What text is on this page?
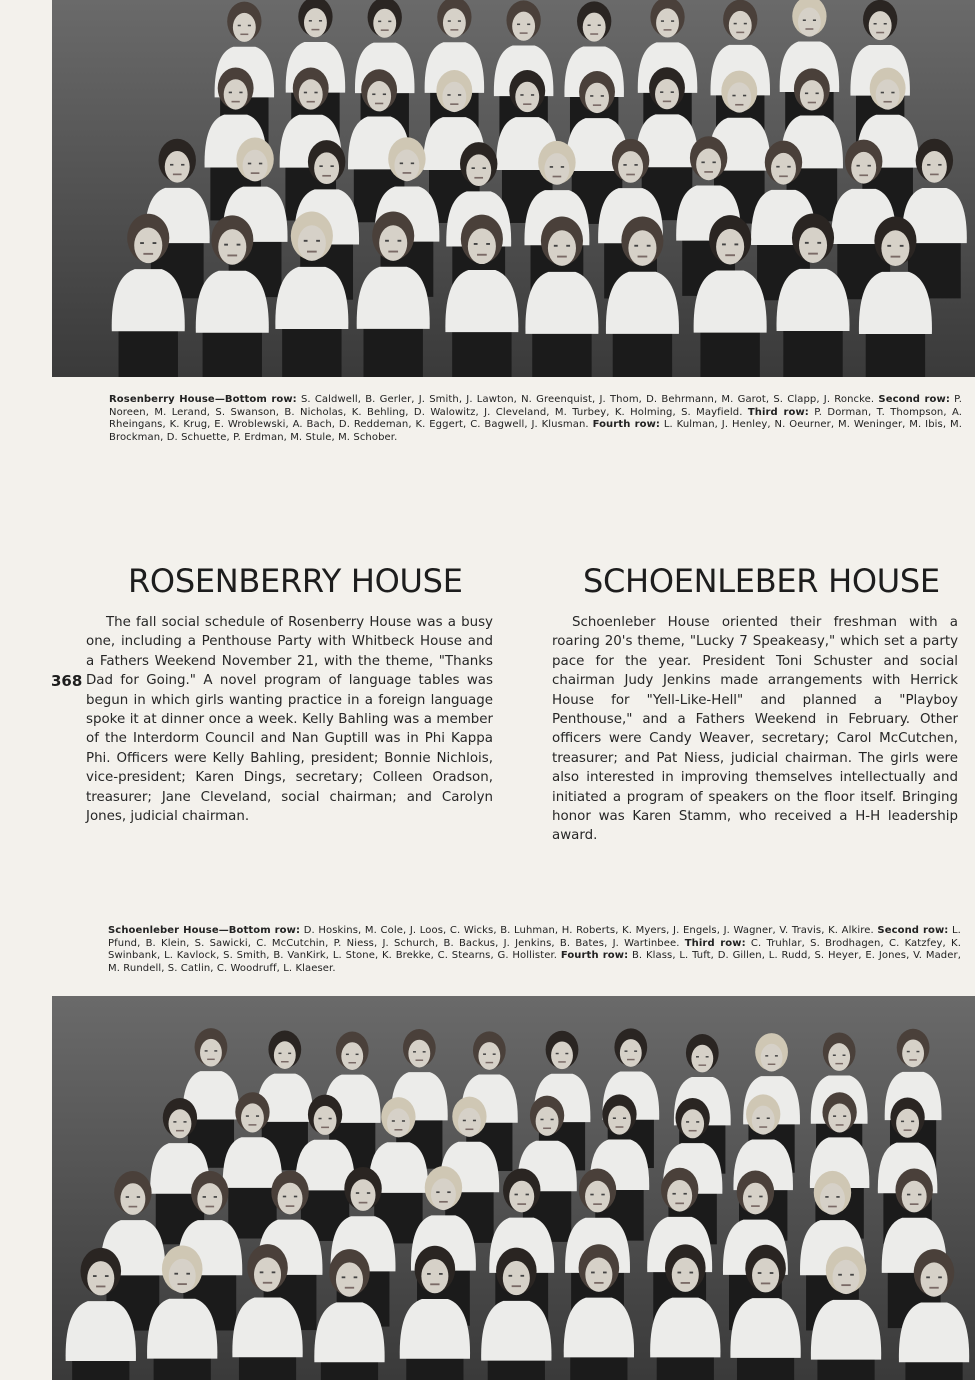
Rosenberry House—Bottom row: S. Caldwell, B. Gerler, J. Smith, J. Lawton, N. Greenquist, J. Thom, D. Behrmann, M. Garot, S. Clapp, J. Roncke. Second row: P. Noreen, M. Lerand, S. Swanson, B. Nicholas, K. Behling, D. Walowitz, J. Cleveland, M. Turbey, K. Holming, S. Mayfield. Third row: P. Dorman, T. Thompson, A. Rheingans, K. Krug, E. Wroblewski, A. Bach, D. Reddeman, K. Eggert, C. Bagwell, J. Klusman. Fourth row: L. Kulman, J. Henley, N. Oeurner, M. Weninger, M. Ibis, M. Brockman, D. Schuette, P. Erdman, M. Stule, M. Schober.
ROSENBERRY HOUSE	SCHOENLEBER HOUSE
368

The fall social schedule of Rosenberry House was a busy one, including a Penthouse Party with Whitbeck House and a Fathers Weekend November 21, with the theme, "Thanks Dad for Going." A novel program of language tables was begun in which girls wanting practice in a foreign language spoke it at dinner once a week. Kelly Bahling was a member of the Interdorm Council and Nan Guptill was in Phi Kappa Phi. Officers were Kelly Bahling, president; Bonnie Nichlois, vice-president; Karen Dings, secretary; Colleen Oradson, treasurer; Jane Cleveland, social chairman; and Carolyn Jones, judicial chairman.

Schoenleber House oriented their freshman with a roaring 20's theme, "Lucky 7 Speakeasy," which set a party pace for the year. President Toni Schuster and social chairman Judy Jenkins made arrangements with Herrick House for "Yell-Like-Hell" and planned a "Playboy Penthouse," and a Fathers Weekend in February. Other officers were Candy Weaver, secretary; Carol McCutchen, treasurer; and Pat Niess, judicial chairman. The girls were also interested in improving themselves intellectually and initiated a program of speakers on the floor itself. Bringing honor was Karen Stamm, who received a H-H leadership award.

Schoenleber House—Bottom row: D. Hoskins, M. Cole, J. Loos, C. Wicks, B. Luhman, H. Roberts, K. Myers, J. Engels, J. Wagner, V. Travis, K. Alkire. Second row: L. Pfund, B. Klein, S. Sawicki, C. McCutchin, P. Niess, J. Schurch, B. Backus, J. Jenkins, B. Bates, J. Wartinbee. Third row: C. Truhlar, S. Brodhagen, C. Katzfey, K. Swinbank, L. Kavlock, S. Smith, B. VanKirk, L. Stone, K. Brekke, C. Stearns, G. Hollister. Fourth row: B. Klass, L. Tuft, D. Gillen, L. Rudd, S. Heyer, E. Jones, V. Mader, M. Rundell, S. Catlin, C. Woodruff, L. Klaeser.
